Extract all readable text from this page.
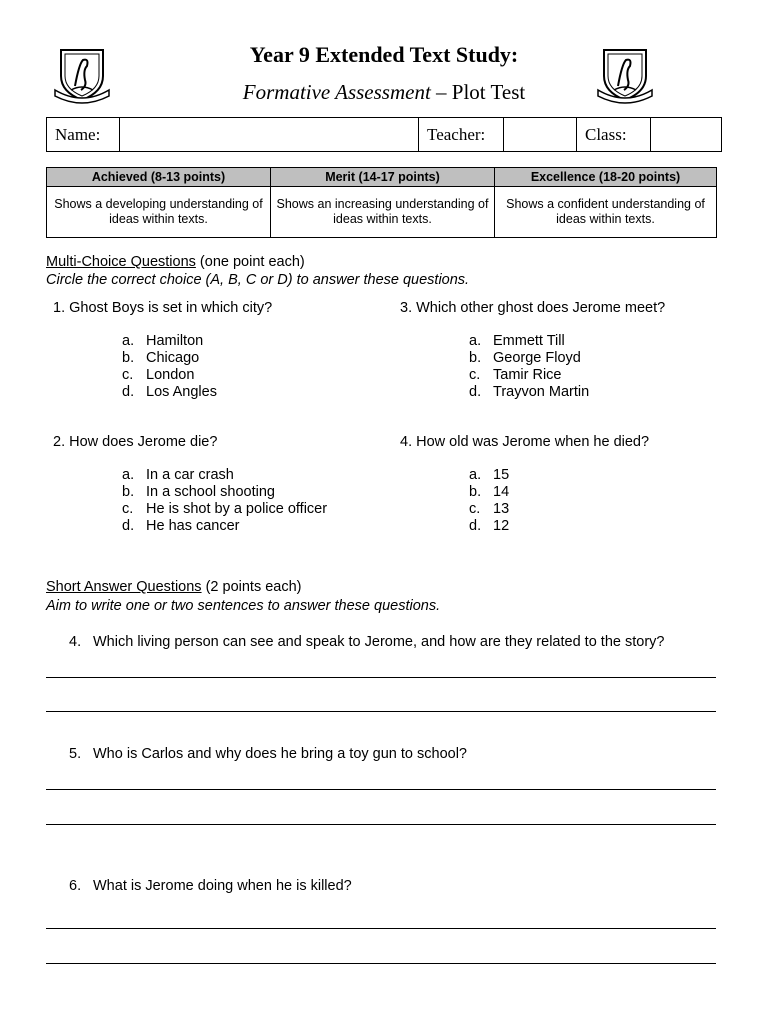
Year 9 Extended Text Study:
Formative Assessment – Plot Test
Name:		Teacher:		Class:	
Achieved (8-13 points)	Merit (14-17 points)	Excellence (18-20 points)
Shows a developing understanding of ideas within texts.	Shows an increasing understanding of ideas within texts.	Shows a confident understanding of ideas within texts.
Multi-Choice Questions (one point each)
Circle the correct choice (A, B, C or D) to answer these questions.
1. Ghost Boys is set in which city?
a. Hamilton
b. Chicago
c. London
d. Los Angles
3. Which other ghost does Jerome meet?
a. Emmett Till
b. George Floyd
c. Tamir Rice
d. Trayvon Martin
2. How does Jerome die?
a. In a car crash
b. In a school shooting
c. He is shot by a police officer
d. He has cancer
4. How old was Jerome when he died?
a. 15
b. 14
c. 13
d. 12
Short Answer Questions (2 points each)
Aim to write one or two sentences to answer these questions.
4. Which living person can see and speak to Jerome, and how are they related to the story?
5. Who is Carlos and why does he bring a toy gun to school?
6. What is Jerome doing when he is killed?
